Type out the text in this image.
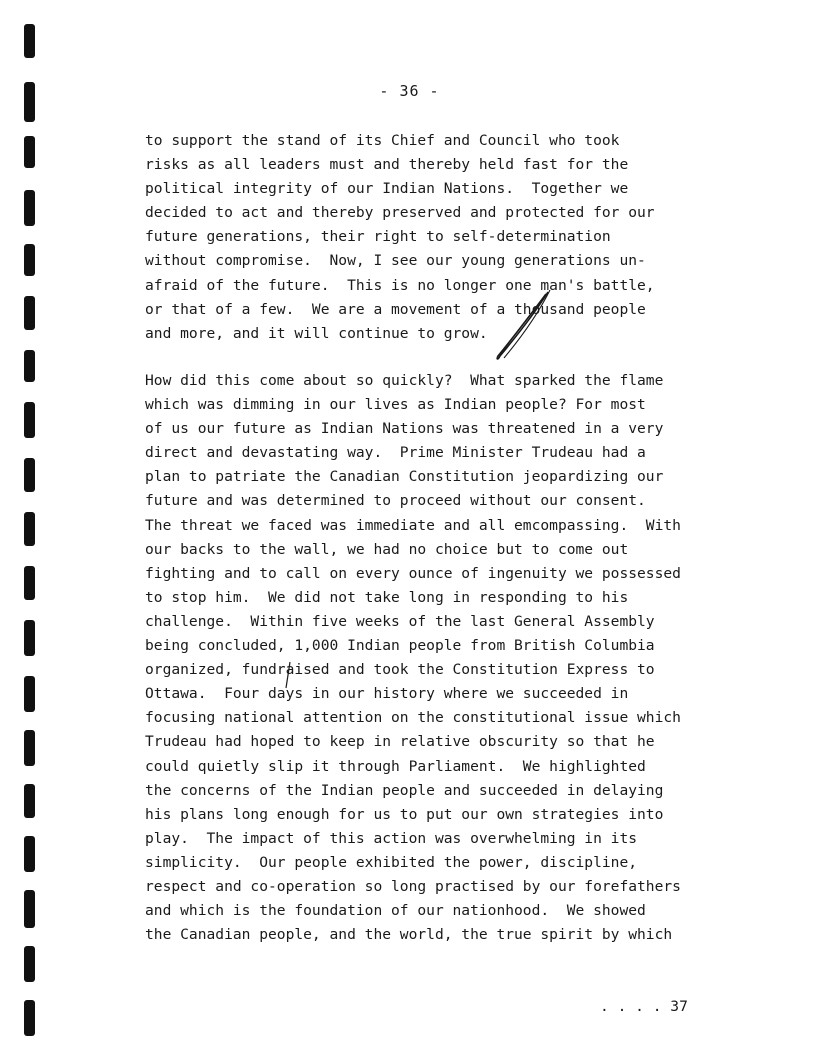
- 36 -
to support the stand of its Chief and Council who took
risks as all leaders must and thereby held fast for the
political integrity of our Indian Nations.  Together we
decided to act and thereby preserved and protected for our
future generations, their right to self-determination
without compromise.  Now, I see our young generations un-
afraid of the future.  This is no longer one man's battle,
or that of a few.  We are a movement of a thousand people
and more, and it will continue to grow.
How did this come about so quickly?  What sparked the flame
which was dimming in our lives as Indian people? For most
of us our future as Indian Nations was threatened in a very
direct and devastating way.  Prime Minister Trudeau had a
plan to patriate the Canadian Constitution jeopardizing our
future and was determined to proceed without our consent.
The threat we faced was immediate and all emcompassing.  With
our backs to the wall, we had no choice but to come out
fighting and to call on every ounce of ingenuity we possessed
to stop him.  We did not take long in responding to his
challenge.  Within five weeks of the last General Assembly
being concluded, 1,000 Indian people from British Columbia
organized, fundraised and took the Constitution Express to
Ottawa.  Four days in our history where we succeeded in
focusing national attention on the constitutional issue which
Trudeau had hoped to keep in relative obscurity so that he
could quietly slip it through Parliament.  We highlighted
the concerns of the Indian people and succeeded in delaying
his plans long enough for us to put our own strategies into
play.  The impact of this action was overwhelming in its
simplicity.  Our people exhibited the power, discipline,
respect and co-operation so long practised by our forefathers
and which is the foundation of our nationhood.  We showed
the Canadian people, and the world, the true spirit by which
. . . . 37
